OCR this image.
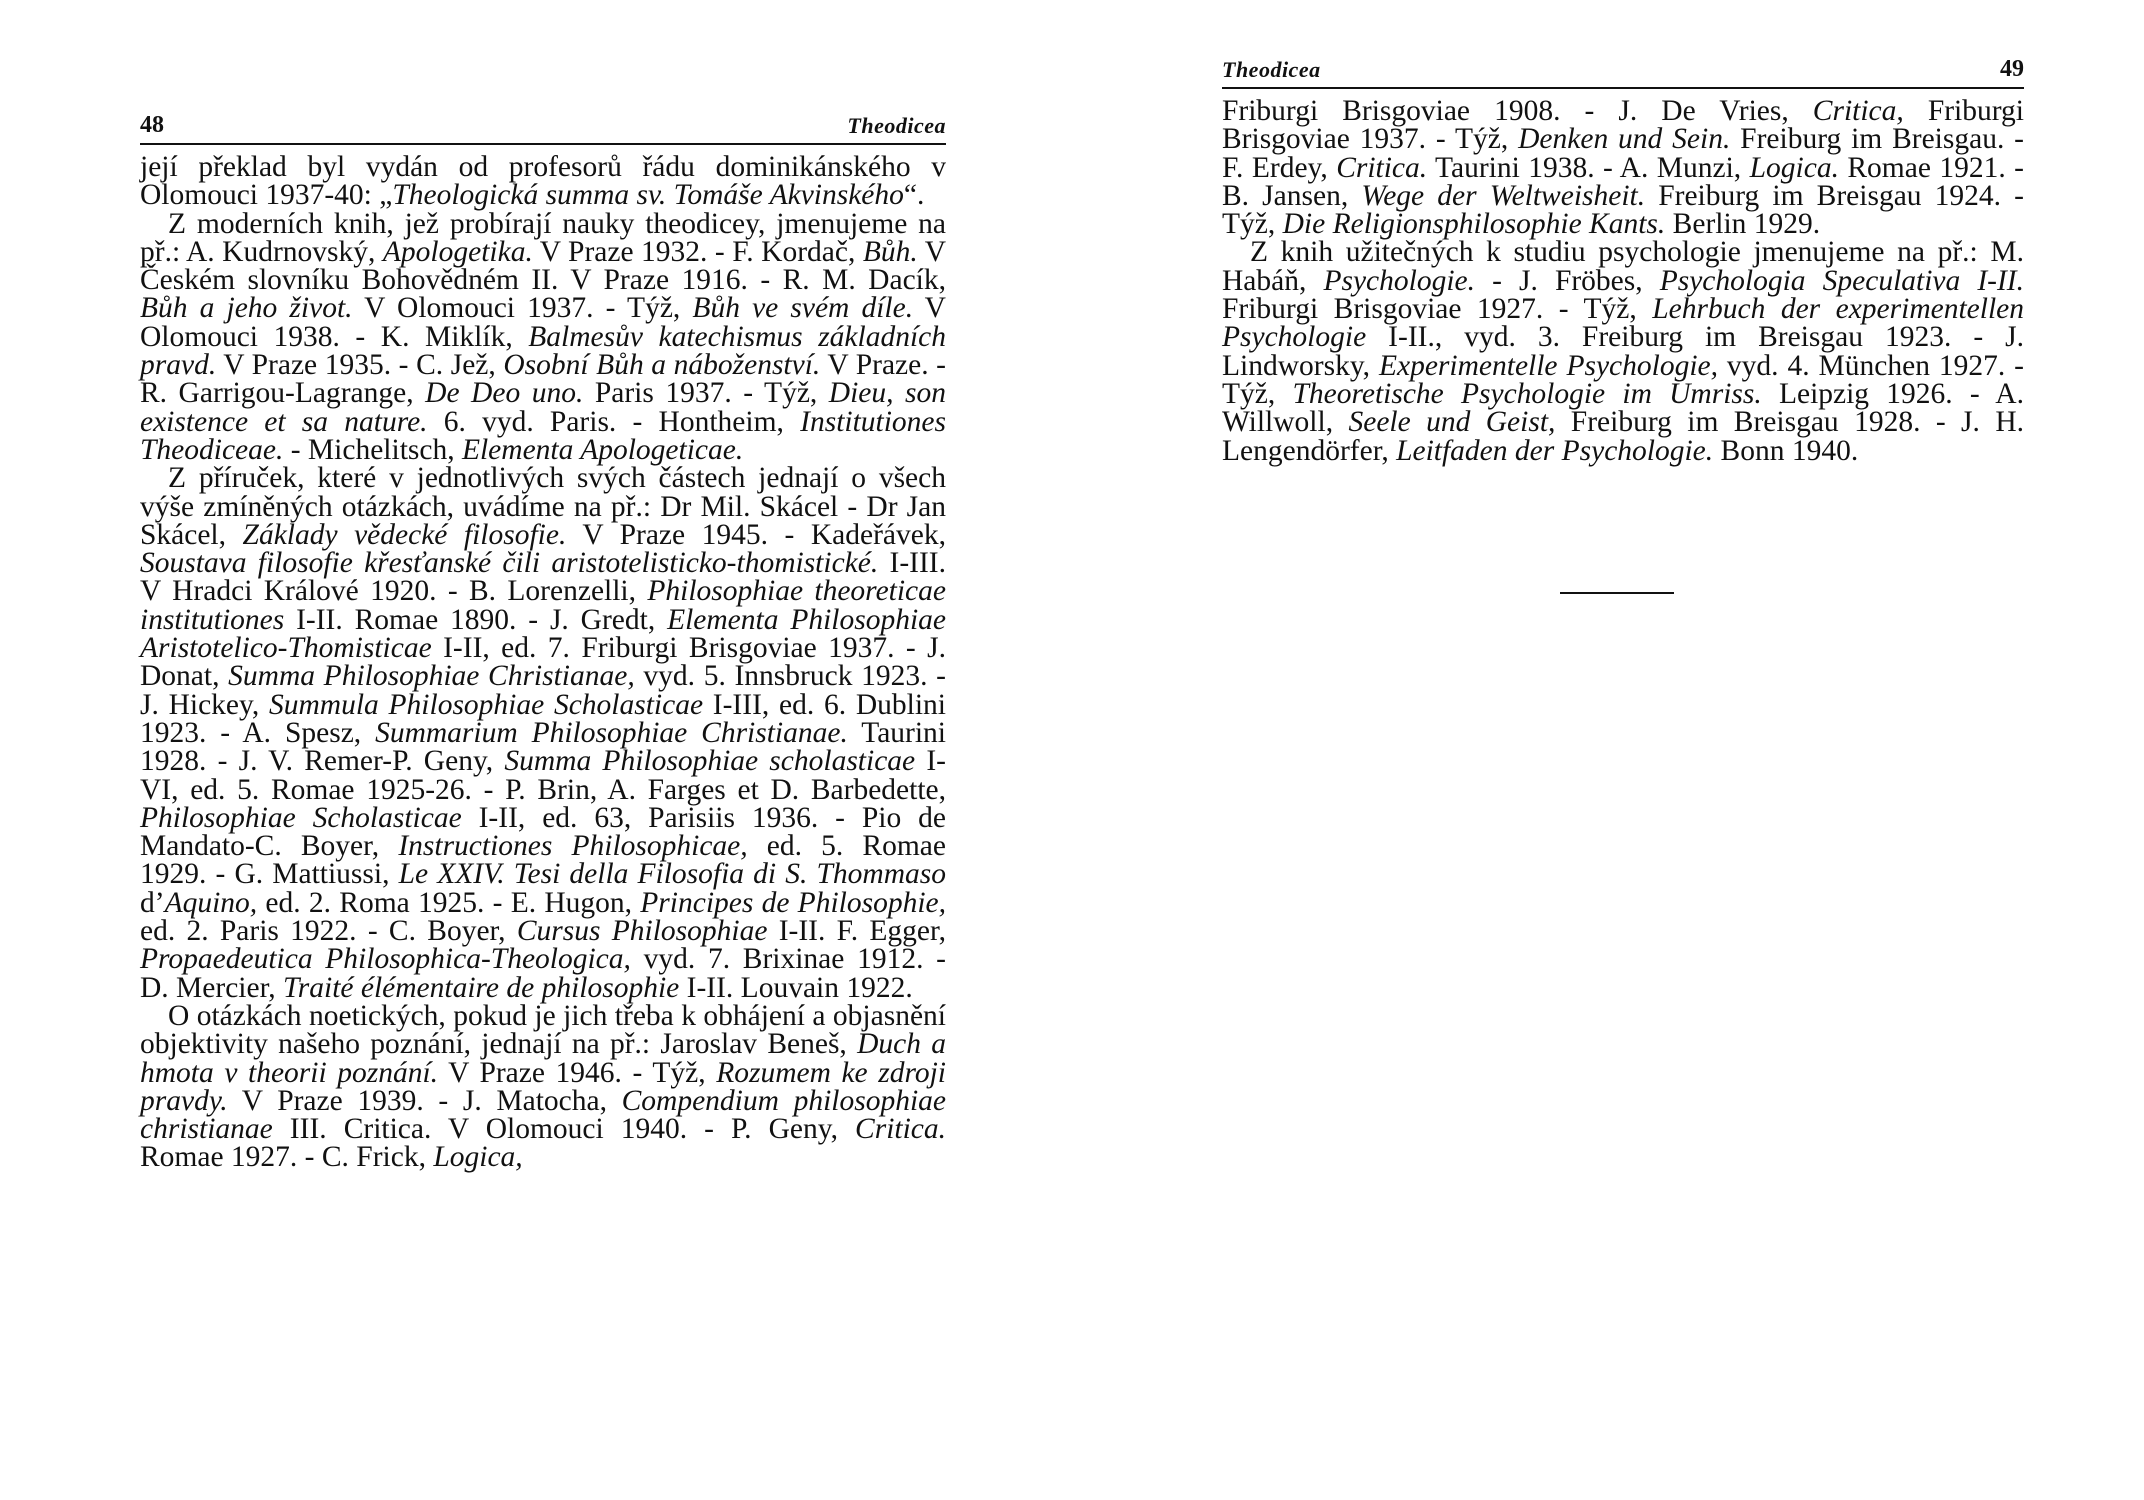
48	Theodicea

její překlad byl vydán od profesorů řádu dominikánského v Olomouci 1937-40: „Theologická summa sv. Tomáše Akvinského“.

Z moderních knih, jež probírají nauky theodicey, jmenujeme na př.: A. Kudrnovský, Apologetika. V Praze 1932. - F. Kordač, Bůh. V Českém slovníku Bohovědném II. V Praze 1916. - R. M. Dacík, Bůh a jeho život. V Olomouci 1937. - Týž, Bůh ve svém díle. V Olomouci 1938. - K. Miklík, Balmesův katechismus základních pravd. V Praze 1935. - C. Jež, Osobní Bůh a náboženství. V Praze. - R. Garrigou-Lagrange, De Deo uno. Paris 1937. - Týž, Dieu, son existence et sa nature. 6. vyd. Paris. - Hontheim, Institutiones Theodiceae. - Michelitsch, Elementa Apologeticae.

Z příruček, které v jednotlivých svých částech jednají o všech výše zmíněných otázkách, uvádíme na př.: Dr Mil. Skácel - Dr Jan Skácel, Základy vědecké filosofie. V Praze 1945. - Kadeřávek, Soustava filosofie křesťanské čili aristotelisticko-thomistické. I-III. V Hradci Králové 1920. - B. Lorenzelli, Philosophiae theoreticae institutiones I-II. Romae 1890. - J. Gredt, Elementa Philosophiae Aristotelico-Thomisticae I-II, ed. 7. Friburgi Brisgoviae 1937. - J. Donat, Summa Philosophiae Christianae, vyd. 5. Innsbruck 1923. - J. Hickey, Summula Philosophiae Scholasticae I-III, ed. 6. Dublini 1923. - A. Spesz, Summarium Philosophiae Christianae. Taurini 1928. - J. V. Remer-P. Geny, Summa Philosophiae scholasticae I-VI, ed. 5. Romae 1925-26. - P. Brin, A. Farges et D. Barbedette, Philosophiae Scholasticae I-II, ed. 63, Parisiis 1936. - Pio de Mandato-C. Boyer, Instructiones Philosophicae, ed. 5. Romae 1929. - G. Mattiussi, Le XXIV. Tesi della Filosofia di S. Thommaso d’Aquino, ed. 2. Roma 1925. - E. Hugon, Principes de Philosophie, ed. 2. Paris 1922. - C. Boyer, Cursus Philosophiae I-II. F. Egger, Propaedeutica Philosophica-Theologica, vyd. 7. Brixinae 1912. - D. Mercier, Traité élémentaire de philosophie I-II. Louvain 1922.

O otázkách noetických, pokud je jich třeba k obhájení a objasnění objektivity našeho poznání, jednají na př.: Jaroslav Beneš, Duch a hmota v theorii poznání. V Praze 1946. - Týž, Rozumem ke zdroji pravdy. V Praze 1939. - J. Matocha, Compendium philosophiae christianae III. Critica. V Olomouci 1940. - P. Geny, Critica. Romae 1927. - C. Frick, Logica,

Theodicea	49

Friburgi Brisgoviae 1908. - J. De Vries, Critica, Friburgi Brisgoviae 1937. - Týž, Denken und Sein. Freiburg im Breisgau. - F. Erdey, Critica. Taurini 1938. - A. Munzi, Logica. Romae 1921. - B. Jansen, Wege der Weltweisheit. Freiburg im Breisgau 1924. - Týž, Die Religionsphilosophie Kants. Berlin 1929.

Z knih užitečných k studiu psychologie jmenujeme na př.: M. Habáň, Psychologie. - J. Fröbes, Psychologia Speculativa I-II. Friburgi Brisgoviae 1927. - Týž, Lehrbuch der experimentellen Psychologie I-II., vyd. 3. Freiburg im Breisgau 1923. - J. Lindworsky, Experimentelle Psychologie, vyd. 4. München 1927. - Týž, Theoretische Psychologie im Umriss. Leipzig 1926. - A. Willwoll, Seele und Geist, Freiburg im Breisgau 1928. - J. H. Lengendörfer, Leitfaden der Psychologie. Bonn 1940.
